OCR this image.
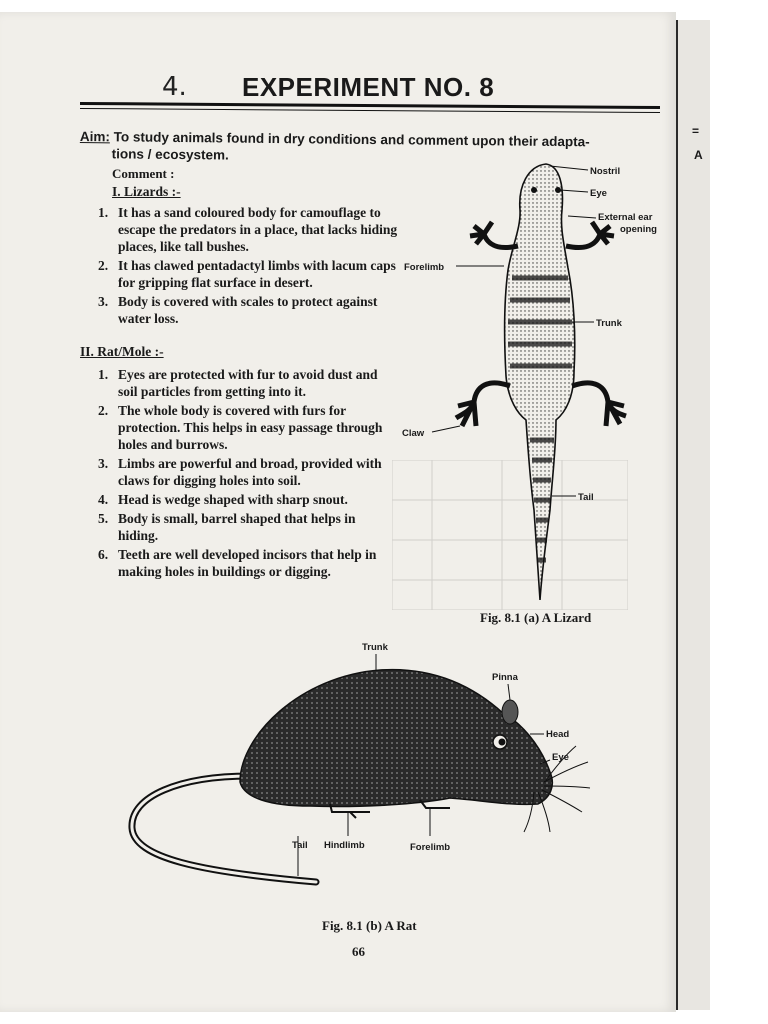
=
A
4. EXPERIMENT NO. 8
Aim: To study animals found in dry conditions and comment upon their adapta-
tions / ecosystem.
Comment :
I. Lizards :-
1. It has a sand coloured body for camouflage to escape the predators in a place, that lacks hiding places, like tall bushes.
2. It has clawed pentadactyl limbs with lacum caps for gripping flat surface in desert.
3. Body is covered with scales to protect against water loss.
II. Rat/Mole :-
1. Eyes are protected with fur to avoid dust and soil particles from getting into it.
2. The whole body is covered with furs for protection. This helps in easy passage through holes and burrows.
3. Limbs are powerful and broad, provided with claws for digging holes into soil.
4. Head is wedge shaped with sharp snout.
5. Body is small, barrel shaped that helps in hiding.
6. Teeth are well developed incisors that help in making holes in buildings or digging.
Nostril
Eye
External ear
opening
Forelimb
Trunk
Claw
Tail
Fig. 8.1 (a) A Lizard
Trunk
Pinna
Head
Eye
Tail Hindlimb	Forelimb
Fig. 8.1 (b) A Rat
66
